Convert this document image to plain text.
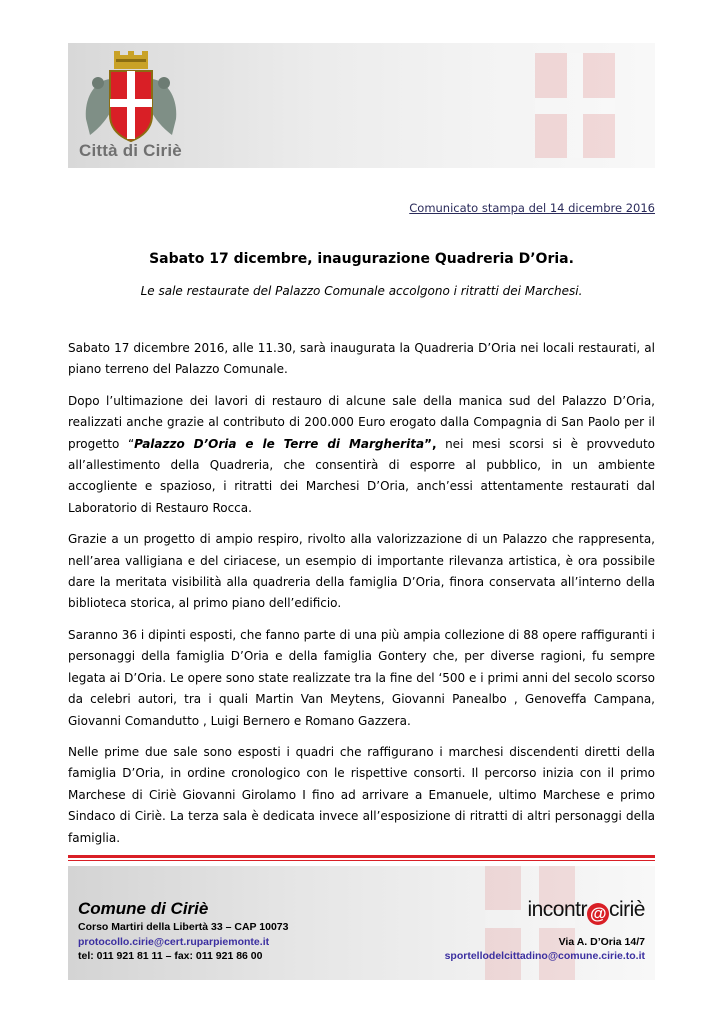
Città di Ciriè
Comunicato stampa del 14 dicembre 2016
Sabato 17 dicembre, inaugurazione Quadreria D’Oria.
Le sale restaurate del Palazzo Comunale accolgono i ritratti dei Marchesi.

Sabato 17 dicembre 2016, alle 11.30, sarà inaugurata la Quadreria D’Oria nei locali restaurati, al piano terreno del Palazzo Comunale.

Dopo l’ultimazione dei lavori di restauro di alcune sale della manica sud del Palazzo D’Oria, realizzati anche grazie al contributo di 200.000 Euro erogato dalla Compagnia di San Paolo per il progetto “Palazzo D’Oria e le Terre di Margherita”, nei mesi scorsi si è provveduto all’allestimento della Quadreria, che consentirà di esporre al pubblico, in un ambiente accogliente e spazioso, i ritratti dei Marchesi D’Oria, anch’essi attentamente restaurati dal Laboratorio di Restauro Rocca.

Grazie a un progetto di ampio respiro, rivolto alla valorizzazione di un Palazzo che rappresenta, nell’area valligiana e del ciriacese, un esempio di importante rilevanza artistica, è ora possibile dare la meritata visibilità alla quadreria della famiglia D’Oria, finora conservata all’interno della biblioteca storica, al primo piano dell’edificio.

Saranno 36 i dipinti esposti, che fanno parte di una più ampia collezione di 88 opere raffiguranti i personaggi della famiglia D’Oria e della famiglia Gontery che, per diverse ragioni, fu sempre legata ai D’Oria. Le opere sono state realizzate tra la fine del ‘500 e i primi anni del secolo scorso da celebri autori, tra i quali Martin Van Meytens, Giovanni Panealbo , Genoveffa Campana, Giovanni Comandutto , Luigi Bernero e Romano Gazzera.

Nelle prime due sale sono esposti i quadri che raffigurano i marchesi discendenti diretti della famiglia D’Oria, in ordine cronologico con le rispettive consorti. Il percorso inizia con il primo Marchese di Ciriè Giovanni Girolamo I fino ad arrivare a Emanuele, ultimo Marchese e primo Sindaco di Ciriè. La terza sala è dedicata invece all’esposizione di ritratti di altri personaggi della famiglia.

Comune di Ciriè
Corso Martiri della Libertà 33 – CAP 10073
protocollo.cirie@cert.ruparpiemonte.it
tel: 011 921 81 11 – fax: 011 921 86 00
incontr @ ciriè
Via A. D’Oria 14/7
sportellodelcittadino@comune.cirie.to.it
